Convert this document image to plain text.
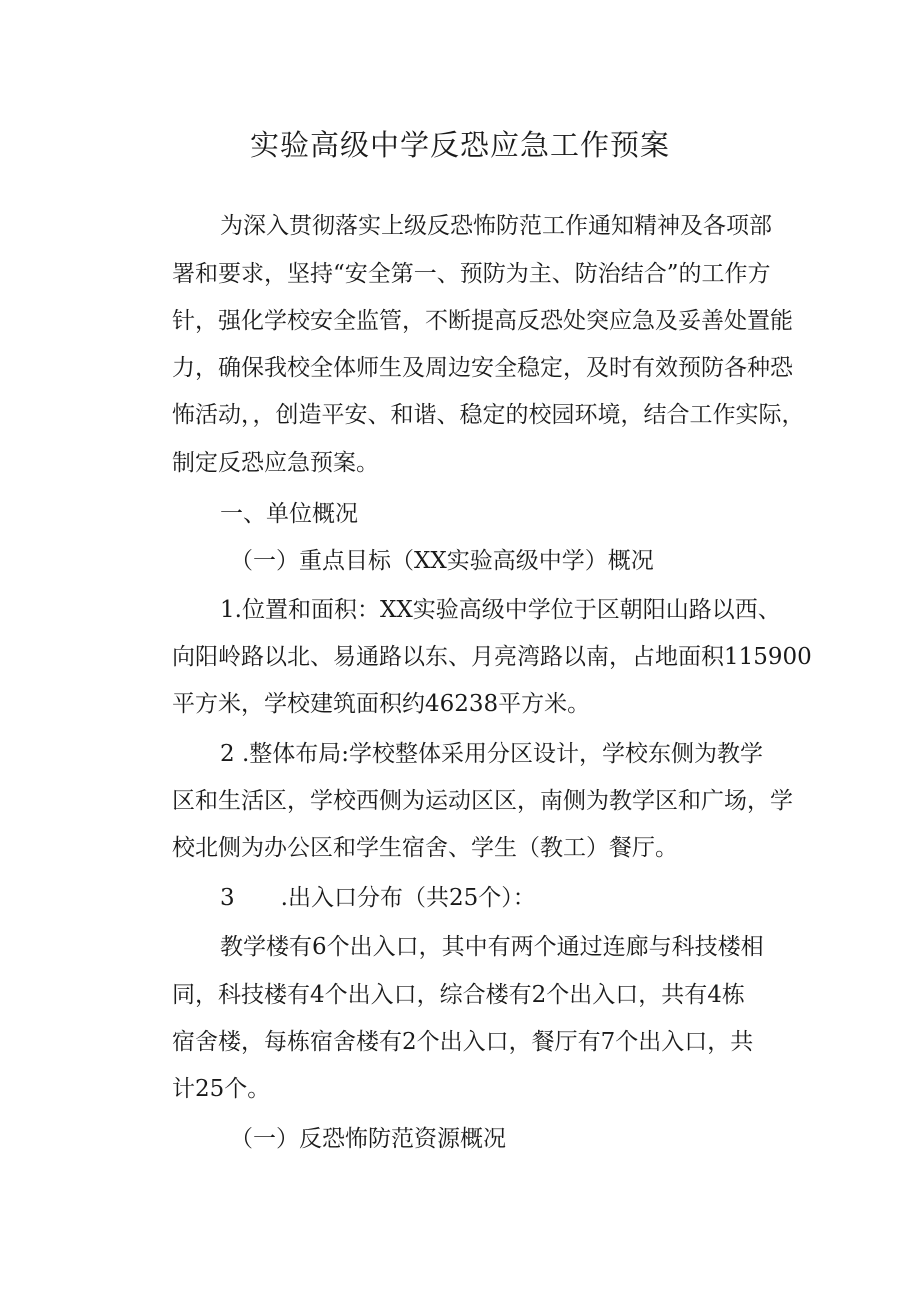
实验高级中学反恐应急工作预案
为深入贯彻落实上级反恐怖防范工作通知精神及各项部
署和要求，坚持“安全第一、预防为主、防治结合”的工作方
针，强化学校安全监管，不断提高反恐处突应急及妥善处置能
力，确保我校全体师生及周边安全稳定，及时有效预防各种恐
怖活动，，创造平安、和谐、稳定的校园环境，结合工作实际，
制定反恐应急预案。
一、单位概况
（一）重点目标（XX实验高级中学）概况
1.位置和面积：XX实验高级中学位于区朝阳山路以西、
向阳岭路以北、易通路以东、月亮湾路以南，占地面积115900
平方米，学校建筑面积约46238平方米。
2 .整体布局:学校整体采用分区设计，学校东侧为教学
区和生活区，学校西侧为运动区区，南侧为教学区和广场，学
校北侧为办公区和学生宿舍、学生（教工）餐厅。
3　　.出入口分布（共25个）：
教学楼有6个出入口，其中有两个通过连廊与科技楼相
同，科技楼有4个出入口，综合楼有2个出入口，共有4栋
宿舍楼，每栋宿舍楼有2个出入口，餐厅有7个出入口，共
计25个。
（一）反恐怖防范资源概况
